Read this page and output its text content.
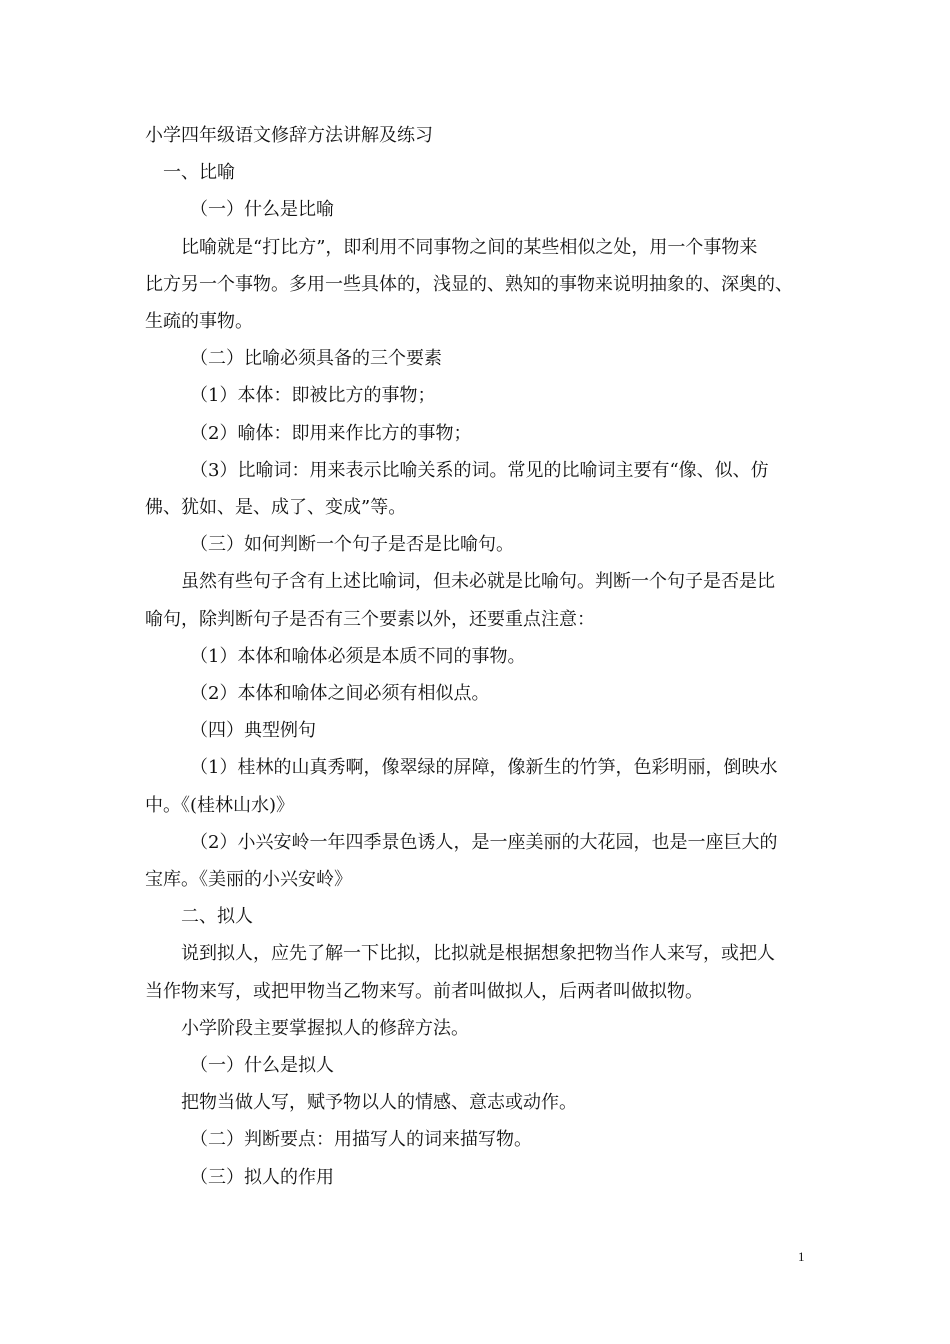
小学四年级语文修辞方法讲解及练习

一、比喻

（一）什么是比喻

比喻就是“打比方”，即利用不同事物之间的某些相似之处，用一个事物来

比方另一个事物。多用一些具体的，浅显的、熟知的事物来说明抽象的、深奥的、

生疏的事物。

（二）比喻必须具备的三个要素

（1）本体：即被比方的事物；

（2）喻体：即用来作比方的事物；

（3）比喻词：用来表示比喻关系的词。常见的比喻词主要有“像、似、仿

佛、犹如、是、成了、变成”等。

（三）如何判断一个句子是否是比喻句。

虽然有些句子含有上述比喻词，但未必就是比喻句。判断一个句子是否是比

喻句，除判断句子是否有三个要素以外，还要重点注意：

（1）本体和喻体必须是本质不同的事物。

（2）本体和喻体之间必须有相似点。

（四）典型例句

（1）桂林的山真秀啊，像翠绿的屏障，像新生的竹笋，色彩明丽，倒映水

中。《(桂林山水)》

（2）小兴安岭一年四季景色诱人，是一座美丽的大花园，也是一座巨大的

宝库。《美丽的小兴安岭》

二、拟人

说到拟人，应先了解一下比拟，比拟就是根据想象把物当作人来写，或把人

当作物来写，或把甲物当乙物来写。前者叫做拟人，后两者叫做拟物。

小学阶段主要掌握拟人的修辞方法。

（一）什么是拟人

把物当做人写，赋予物以人的情感、意志或动作。

（二）判断要点：用描写人的词来描写物。

（三）拟人的作用

1
